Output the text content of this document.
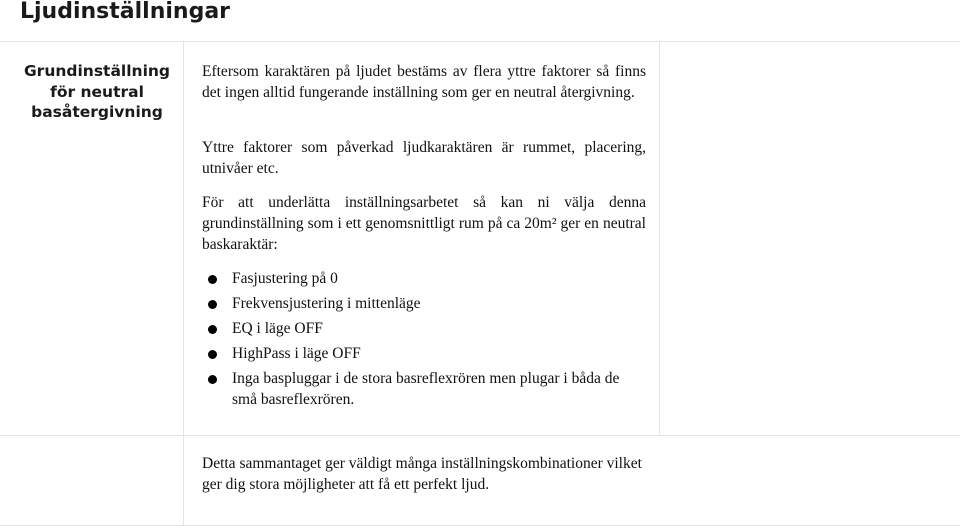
Ljudinställningar
Grundinställning för neutral basåtergivning

Eftersom karaktären på ljudet bestäms av flera yttre faktorer så finns det ingen alltid fungerande inställning som ger en neutral återgivning.

Yttre faktorer som påverkad ljudkaraktären är rummet, placering, utnivåer etc.

För att underlätta inställningsarbetet så kan ni välja denna grundinställning som i ett genomsnittligt rum på ca 20m² ger en neutral baskaraktär:

Fasjustering på 0
Frekvensjustering i mittenläge
EQ i läge OFF
HighPass i läge OFF
Inga baspluggar i de stora basreflexrören men plugar i båda de små basreflexrören.
Detta sammantaget ger väldigt många inställningskombinationer vilket ger dig stora möjligheter att få ett perfekt ljud.
